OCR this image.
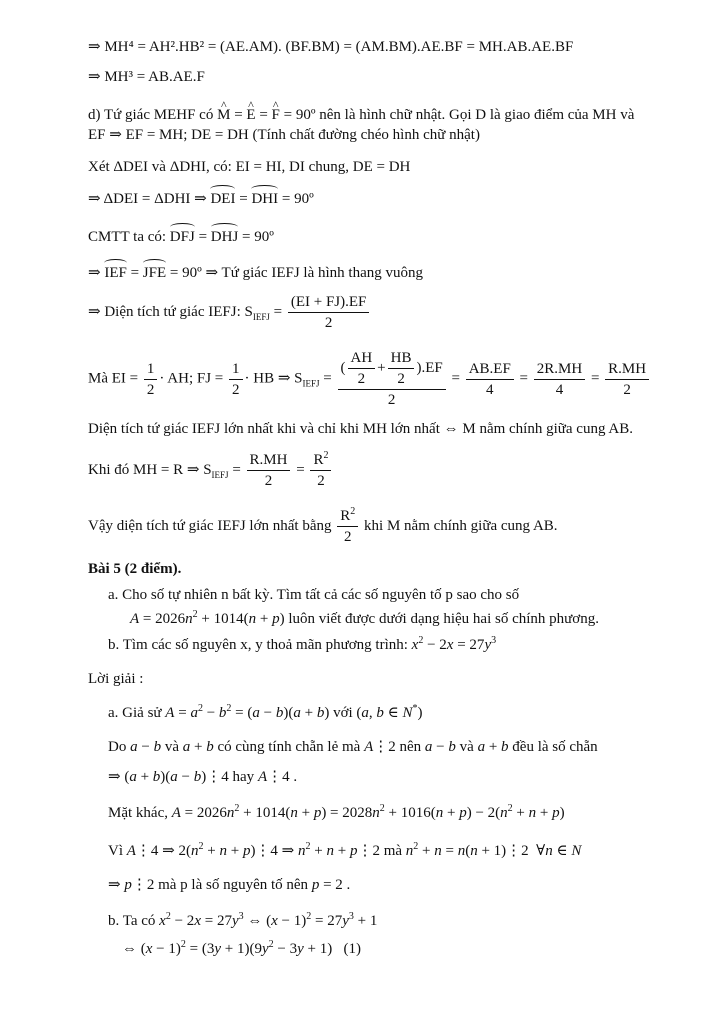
⇒ MH⁴ = AH².HB² = (AE.AM). (BF.BM) = (AM.BM).AE.BF = MH.AB.AE.BF
⇒ MH³ = AB.AE.F
d) Tứ giác MEHF có ^ M = ^ E = ^ F = 90º nên là hình chữ nhật. Gọi D là giao điểm của MH và
EF ⇒ EF = MH; DE = DH (Tính chất đường chéo hình chữ nhật)
Xét ΔDEI và ΔDHI, có: EI = HI, DI chung, DE = DH
⇒ ΔDEI = ΔDHI ⇒ DEI = DHI = 90º
CMTT ta có: DFJ = DHJ = 90º
⇒ IEF = JFE = 90º ⇒ Tứ giác IEFJ là hình thang vuông
⇒ Diện tích tứ giác IEFJ: $S_{IEFJ} = \frac{(EI + FJ).EF}{2}$
Mà EI = $\frac{1}{2}$ · AH; FJ = $\frac{1}{2}$ · HB ⇒ $S_{IEFJ} = \frac{( \frac{AH}{2} + \frac{HB}{2} ).EF}{2} = \frac{AB.EF}{4} = \frac{2R.MH}{4} = \frac{R.MH}{2}$
Diện tích tứ giác IEFJ lớn nhất khi và chỉ khi MH lớn nhất ⇔ M nằm chính giữa cung AB.
Khi đó MH = R ⇒ $S_{IEFJ} = \frac{R.MH}{2} = \frac{R^2}{2}$
Vậy diện tích tứ giác IEFJ lớn nhất bằng $\frac{R^2}{2}$ khi M nằm chính giữa cung AB.
Bài 5 (2 điểm).
a. Cho số tự nhiên n bất kỳ. Tìm tất cả các số nguyên tố p sao cho số
$A = 2026n^2 + 1014(n + p)$ luôn viết được dưới dạng hiệu hai số chính phương.
b. Tìm các số nguyên x, y thoả mãn phương trình: $x^2 - 2x = 27y^3$
Lời giải :
a. Giả sử $A = a^2 - b^2 = (a - b)(a + b)$ với (a, b ∈ N*)
Do a − b và a + b có cùng tính chẵn lẻ mà A⋮2 nên a − b và a + b đều là số chẵn
⇒ (a + b)(a − b)⋮4 hay A⋮4 .
Mặt khác, $A = 2026n^2 + 1014(n + p) = 2028n^2 + 1016(n + p) - 2(n^2 + n + p)$
Vì A⋮4 ⇒ $2(n^2 + n$ + p)⋮4 ⇒ $n^2 + n$ + p⋮2 mà $n^2 + n = n(n$ + 1)⋮2  ∀n ∈ N
⇒ p⋮2 mà p là số nguyên tố nên p = 2 .
b. Ta có $x^2 - 2x = 27y^3$ ⇔ $(x - 1)^2 = 27y^3 + 1$
⇔ $(x - 1)^2 = (3y + 1)(9y^2 - 3y + 1)$   (1)
